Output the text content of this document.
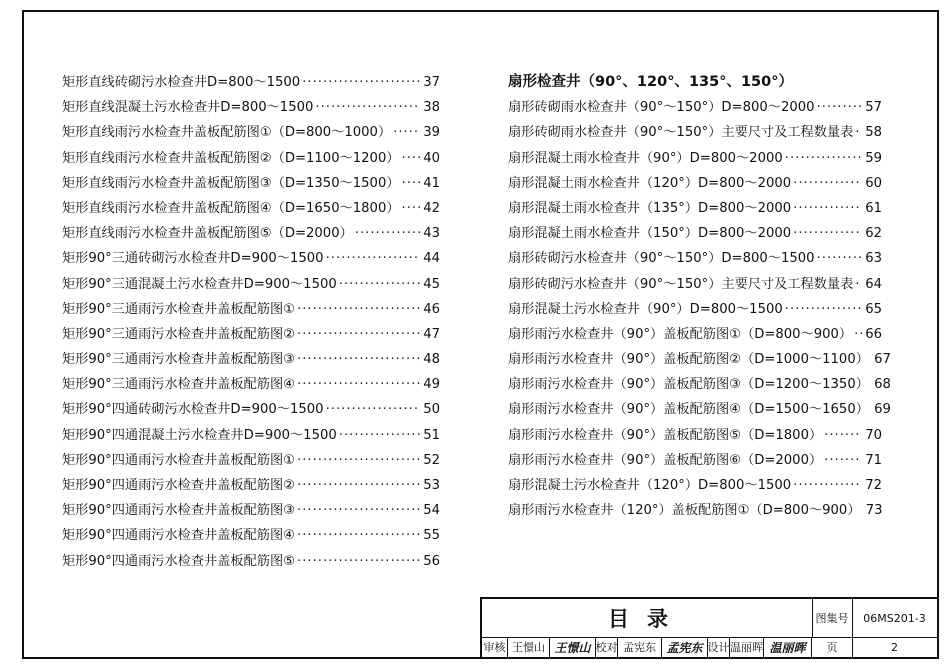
矩形直线砖砌污水检查井D=800～1500 ·····	37
矩形直线混凝土污水检查井D=800～1500 ·····	38
矩形直线雨污水检查井盖板配筋图①（D=800～1000） ····· 39
矩形直线雨污水检查井盖板配筋图②（D=1100～1200） ····· 40
矩形直线雨污水检查井盖板配筋图③（D=1350～1500） ····· 41
矩形直线雨污水检查井盖板配筋图④（D=1650～1800） ····· 42
矩形直线雨污水检查井盖板配筋图⑤（D=2000） ·····	43
矩形90°三通砖砌污水检查井D=900～1500 ·····	44
矩形90°三通混凝土污水检查井D=900～1500 ·····	45
矩形90°三通雨污水检查井盖板配筋图① ·····	46
矩形90°三通雨污水检查井盖板配筋图② ·····	47
矩形90°三通雨污水检查井盖板配筋图③ ·····	48
矩形90°三通雨污水检查井盖板配筋图④ ·····	49
矩形90°四通砖砌污水检查井D=900～1500 ·····	50
矩形90°四通混凝土污水检查井D=900～1500 ·····	51
矩形90°四通雨污水检查井盖板配筋图① ·····	52
矩形90°四通雨污水检查井盖板配筋图② ·····	53
矩形90°四通雨污水检查井盖板配筋图③ ·····	54
矩形90°四通雨污水检查井盖板配筋图④ ·····	55
矩形90°四通雨污水检查井盖板配筋图⑤ ·····	56
扇形检查井（90°、120°、135°、150°）
扇形砖砌雨水检查井（90°～150°）D=800～2000 ·····	57
扇形砖砌雨水检查井（90°～150°）主要尺寸及工程数量表 ····· 58
扇形混凝土雨水检查井（90°）D=800～2000 ·····	59
扇形混凝土雨水检查井（120°）D=800～2000 ·····	60
扇形混凝土雨水检查井（135°）D=800～2000 ·····	61
扇形混凝土雨水检查井（150°）D=800～2000 ·····	62
扇形砖砌污水检查井（90°～150°）D=800～1500 ·····	63
扇形砖砌污水检查井（90°～150°）主要尺寸及工程数量表 ····· 64
扇形混凝土污水检查井（90°）D=800～1500 ·····	65
扇形雨污水检查井（90°）盖板配筋图①（D=800～900） ····· 66
扇形雨污水检查井（90°）盖板配筋图②（D=1000～1100） 67
扇形雨污水检查井（90°）盖板配筋图③（D=1200～1350） 68
扇形雨污水检查井（90°）盖板配筋图④（D=1500～1650） 69
扇形雨污水检查井（90°）盖板配筋图⑤（D=1800） ·····	70
扇形雨污水检查井（90°）盖板配筋图⑥（D=2000） ·····	71
扇形混凝土污水检查井（120°）D=800～1500 ·····	72
扇形雨污水检查井（120°）盖板配筋图①（D=800～900） 73
目录	图集号	06MS201-3
审核 王憬山 王憬山 校对 孟宪东 孟宪东 设计 温丽晖 温丽晖	页	2
